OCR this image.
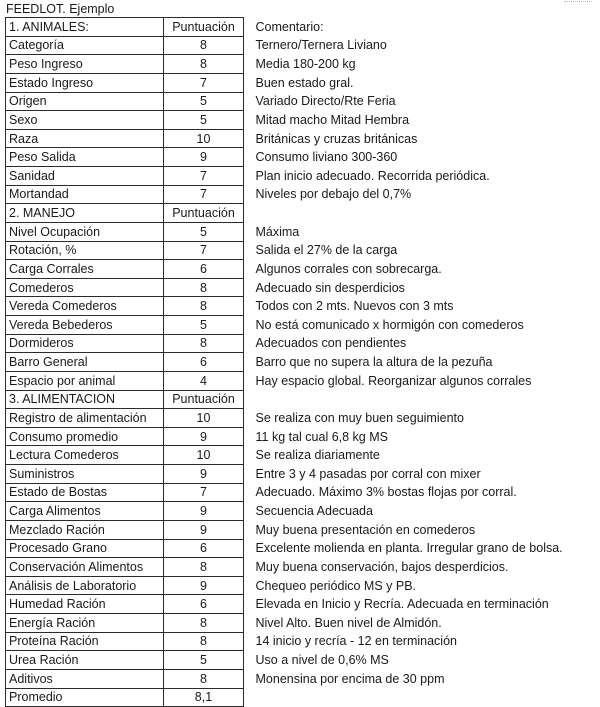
FEEDLOT. Ejemplo
1. ANIMALES:	Puntuación		Comentario:
Categoría	8		Ternero/Ternera Liviano
Peso Ingreso	8		Media 180-200 kg
Estado Ingreso	7		Buen estado gral.
Origen	5		Variado Directo/Rte Feria
Sexo	5		Mitad macho Mitad Hembra
Raza	10		Británicas y cruzas británicas
Peso Salida	9		Consumo liviano 300-360
Sanidad	7		Plan inicio adecuado. Recorrida periódica.
Mortandad	7		Niveles por debajo del 0,7%
2. MANEJO	Puntuación		
Nivel Ocupación	5		Máxima
Rotación, %	7		Salida el 27% de la carga
Carga Corrales	6		Algunos corrales con sobrecarga.
Comederos	8		Adecuado sin desperdicios
Vereda Comederos	8		Todos con 2 mts. Nuevos con 3 mts
Vereda Bebederos	5		No está comunicado x hormigón con comederos
Dormideros	8		Adecuados con pendientes
Barro General	6		Barro que no supera la altura de la pezuña
Espacio por animal	4		Hay espacio global. Reorganizar algunos corrales
3. ALIMENTACION	Puntuación		
Registro de alimentación	10		Se realiza con muy buen seguimiento
Consumo promedio	9		11 kg tal cual 6,8 kg MS
Lectura Comederos	10		Se realiza diariamente
Suministros	9		Entre 3 y 4 pasadas por corral con mixer
Estado de Bostas	7		Adecuado. Máximo 3% bostas flojas por corral.
Carga Alimentos	9		Secuencia Adecuada
Mezclado Ración	9		Muy buena presentación en comederos
Procesado Grano	6		Excelente molienda en planta. Irregular grano de bolsa.
Conservación Alimentos	8		Muy buena conservación, bajos desperdicios.
Análisis de Laboratorio	9		Chequeo periódico MS y PB.
Humedad Ración	6		Elevada en Inicio y Recría. Adecuada en terminación
Energía Ración	8		Nivel Alto. Buen nivel de Almidón.
Proteína Ración	8		14 inicio y recría - 12 en terminación
Urea Ración	5		Uso a nivel de 0,6% MS
Aditivos	8		Monensina por encima de 30 ppm
Promedio	8,1		
